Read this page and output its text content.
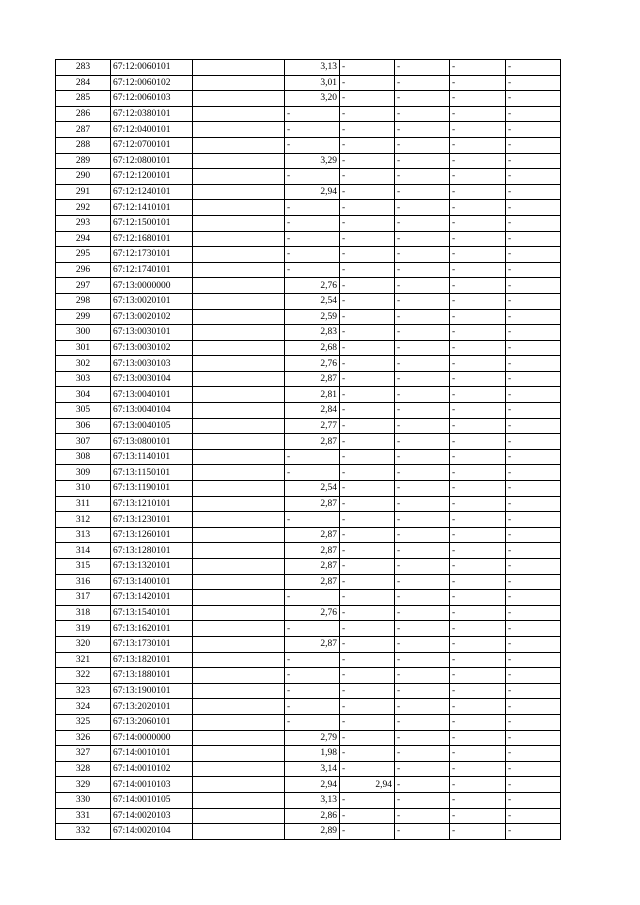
283	67:12:0060101		3,13	-	-	-	-
284	67:12:0060102		3,01	-	-	-	-
285	67:12:0060103		3,20	-	-	-	-
286	67:12:0380101		-	-	-	-	-
287	67:12:0400101		-	-	-	-	-
288	67:12:0700101		-	-	-	-	-
289	67:12:0800101		3,29	-	-	-	-
290	67:12:1200101		-	-	-	-	-
291	67:12:1240101		2,94	-	-	-	-
292	67:12:1410101		-	-	-	-	-
293	67:12:1500101		-	-	-	-	-
294	67:12:1680101		-	-	-	-	-
295	67:12:1730101		-	-	-	-	-
296	67:12:1740101		-	-	-	-	-
297	67:13:0000000		2,76	-	-	-	-
298	67:13:0020101		2,54	-	-	-	-
299	67:13:0020102		2,59	-	-	-	-
300	67:13:0030101		2,83	-	-	-	-
301	67:13:0030102		2,68	-	-	-	-
302	67:13:0030103		2,76	-	-	-	-
303	67:13:0030104		2,87	-	-	-	-
304	67:13:0040101		2,81	-	-	-	-
305	67:13:0040104		2,84	-	-	-	-
306	67:13:0040105		2,77	-	-	-	-
307	67:13:0800101		2,87	-	-	-	-
308	67:13:1140101		-	-	-	-	-
309	67:13:1150101		-	-	-	-	-
310	67:13:1190101		2,54	-	-	-	-
311	67:13:1210101		2,87	-	-	-	-
312	67:13:1230101		-	-	-	-	-
313	67:13:1260101		2,87	-	-	-	-
314	67:13:1280101		2,87	-	-	-	-
315	67:13:1320101		2,87	-	-	-	-
316	67:13:1400101		2,87	-	-	-	-
317	67:13:1420101		-	-	-	-	-
318	67:13:1540101		2,76	-	-	-	-
319	67:13:1620101		-	-	-	-	-
320	67:13:1730101		2,87	-	-	-	-
321	67:13:1820101		-	-	-	-	-
322	67:13:1880101		-	-	-	-	-
323	67:13:1900101		-	-	-	-	-
324	67:13:2020101		-	-	-	-	-
325	67:13:2060101		-	-	-	-	-
326	67:14:0000000		2,79	-	-	-	-
327	67:14:0010101		1,98	-	-	-	-
328	67:14:0010102		3,14	-	-	-	-
329	67:14:0010103		2,94	2,94	-	-	-
330	67:14:0010105		3,13	-	-	-	-
331	67:14:0020103		2,86	-	-	-	-
332	67:14:0020104		2,89	-	-	-	-
